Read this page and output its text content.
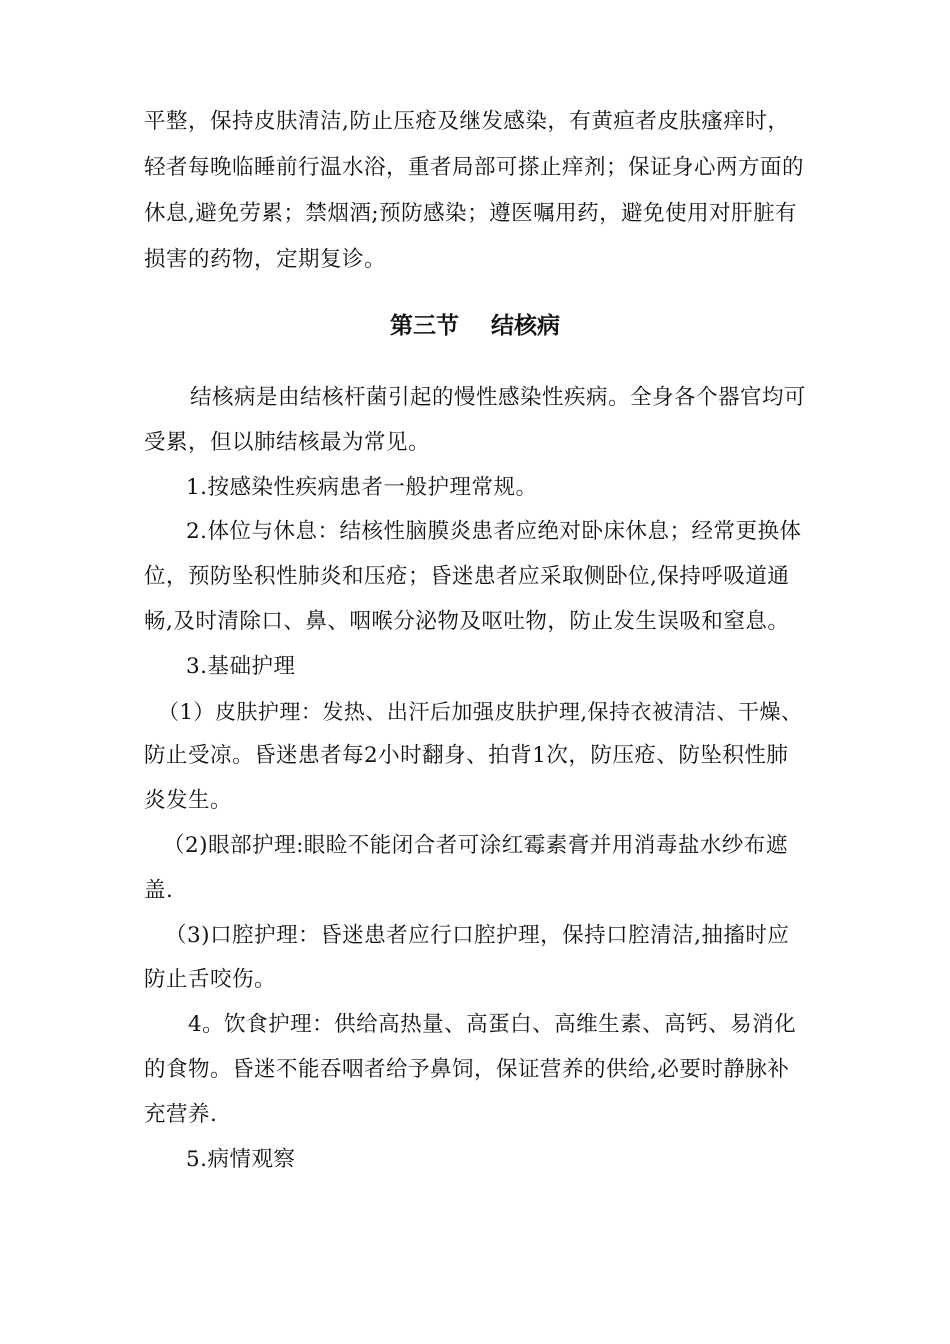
平整，保持皮肤清洁,防止压疮及继发感染，有黄疸者皮肤瘙痒时，
轻者每晚临睡前行温水浴，重者局部可搽止痒剂；保证身心两方面的
休息,避免劳累；禁烟酒;预防感染；遵医嘱用药，避免使用对肝脏有
损害的药物，定期复诊。
第三节    结核病
结核病是由结核杆菌引起的慢性感染性疾病。全身各个器官均可
受累，但以肺结核最为常见。
1.按感染性疾病患者一般护理常规。
2.体位与休息：结核性脑膜炎患者应绝对卧床休息；经常更换体
位，预防坠积性肺炎和压疮；昏迷患者应采取侧卧位,保持呼吸道通
畅,及时清除口、鼻、咽喉分泌物及呕吐物，防止发生误吸和窒息。
3.基础护理
（1）皮肤护理：发热、出汗后加强皮肤护理,保持衣被清洁、干燥、
防止受凉。昏迷患者每2小时翻身、拍背1次，防压疮、防坠积性肺
炎发生。
（2)眼部护理:眼睑不能闭合者可涂红霉素膏并用消毒盐水纱布遮
盖.
（3)口腔护理：昏迷患者应行口腔护理，保持口腔清洁,抽搐时应
防止舌咬伤。
4。饮食护理：供给高热量、高蛋白、高维生素、高钙、易消化
的食物。昏迷不能吞咽者给予鼻饲，保证营养的供给,必要时静脉补
充营养.
5.病情观察
